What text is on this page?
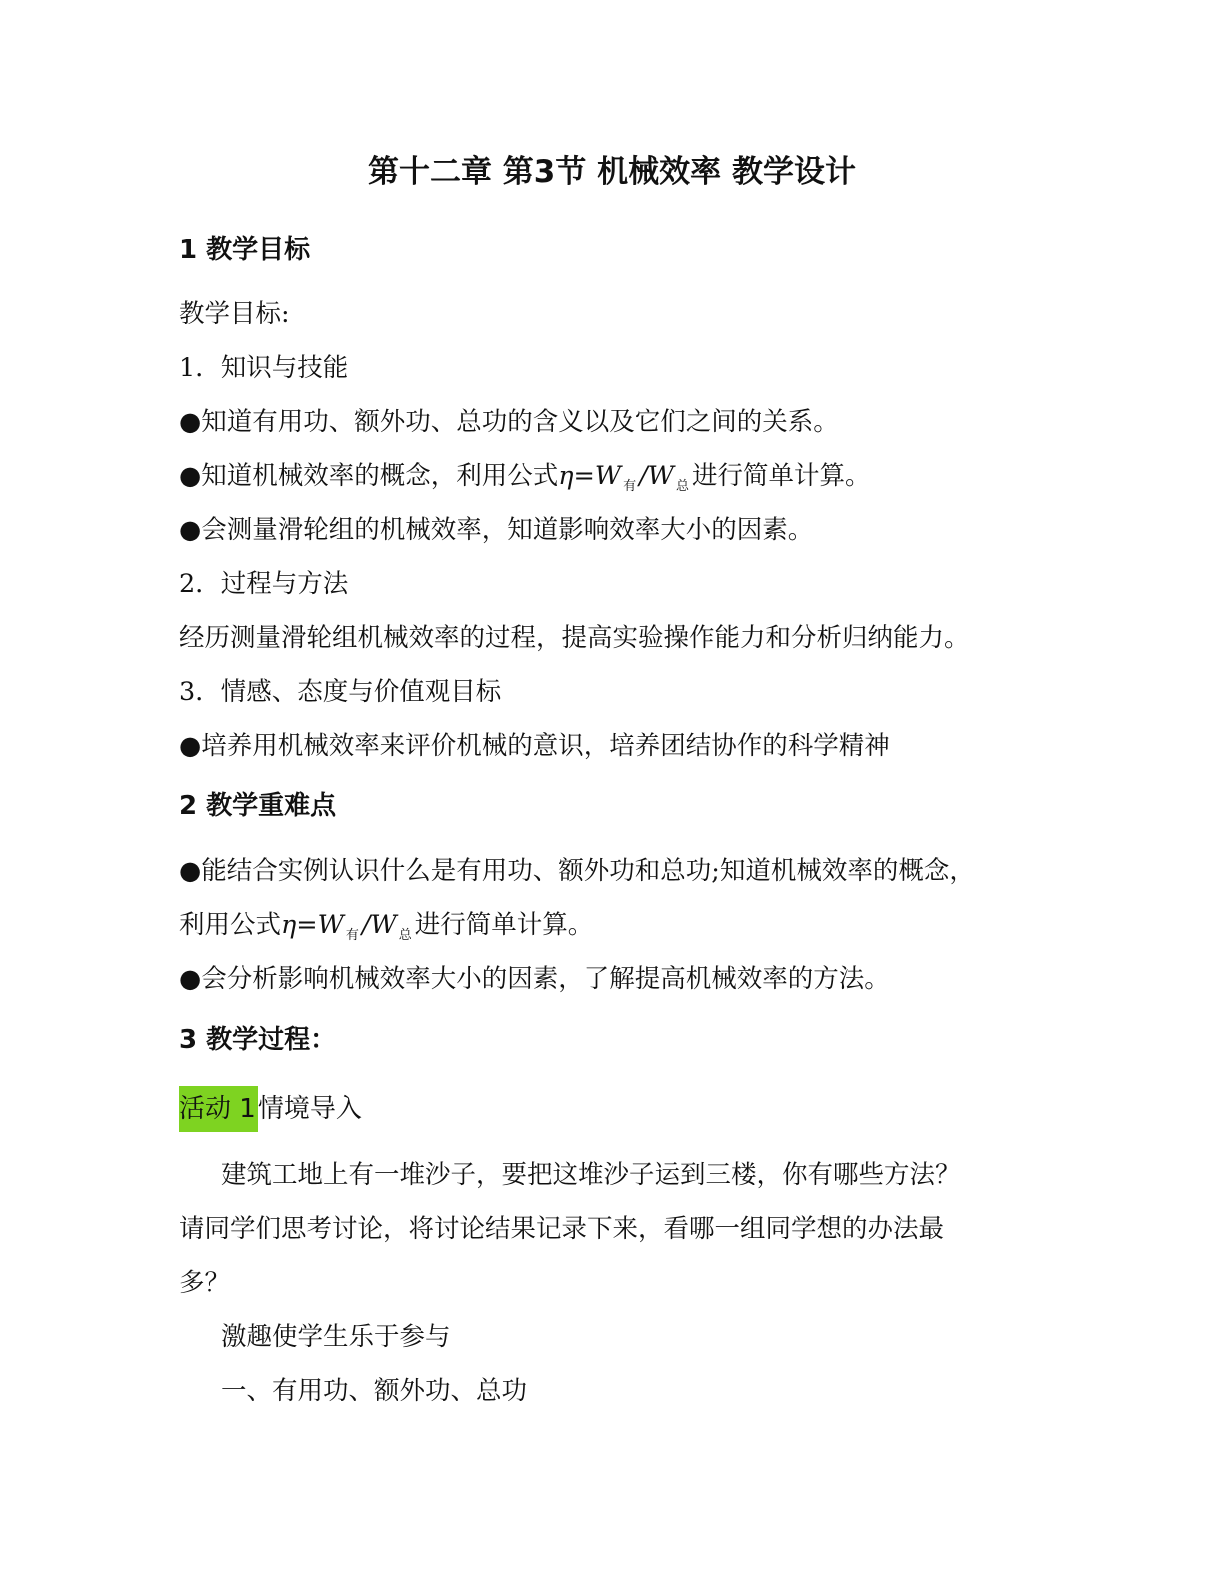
第十二章 第3节 机械效率 教学设计
1 教学目标

教学目标:

1．知识与技能

●知道有用功、额外功、总功的含义以及它们之间的关系。

●知道机械效率的概念，利用公式η=W $_有$ /W $_总$ 进行简单计算。

●会测量滑轮组的机械效率，知道影响效率大小的因素。

2．过程与方法

经历测量滑轮组机械效率的过程，提高实验操作能力和分析归纳能力。

3．情感、态度与价值观目标

●培养用机械效率来评价机械的意识，培养团结协作的科学精神

2 教学重难点

●能结合实例认识什么是有用功、额外功和总功;知道机械效率的概念，

利用公式η=W $_有$ /W $_总$ 进行简单计算。

●会分析影响机械效率大小的因素，了解提高机械效率的方法。

3 教学过程：

活动 1情境导入

建筑工地上有一堆沙子，要把这堆沙子运到三楼，你有哪些方法？

请同学们思考讨论，将讨论结果记录下来，看哪一组同学想的办法最

多？

激趣使学生乐于参与

一、有用功、额外功、总功
